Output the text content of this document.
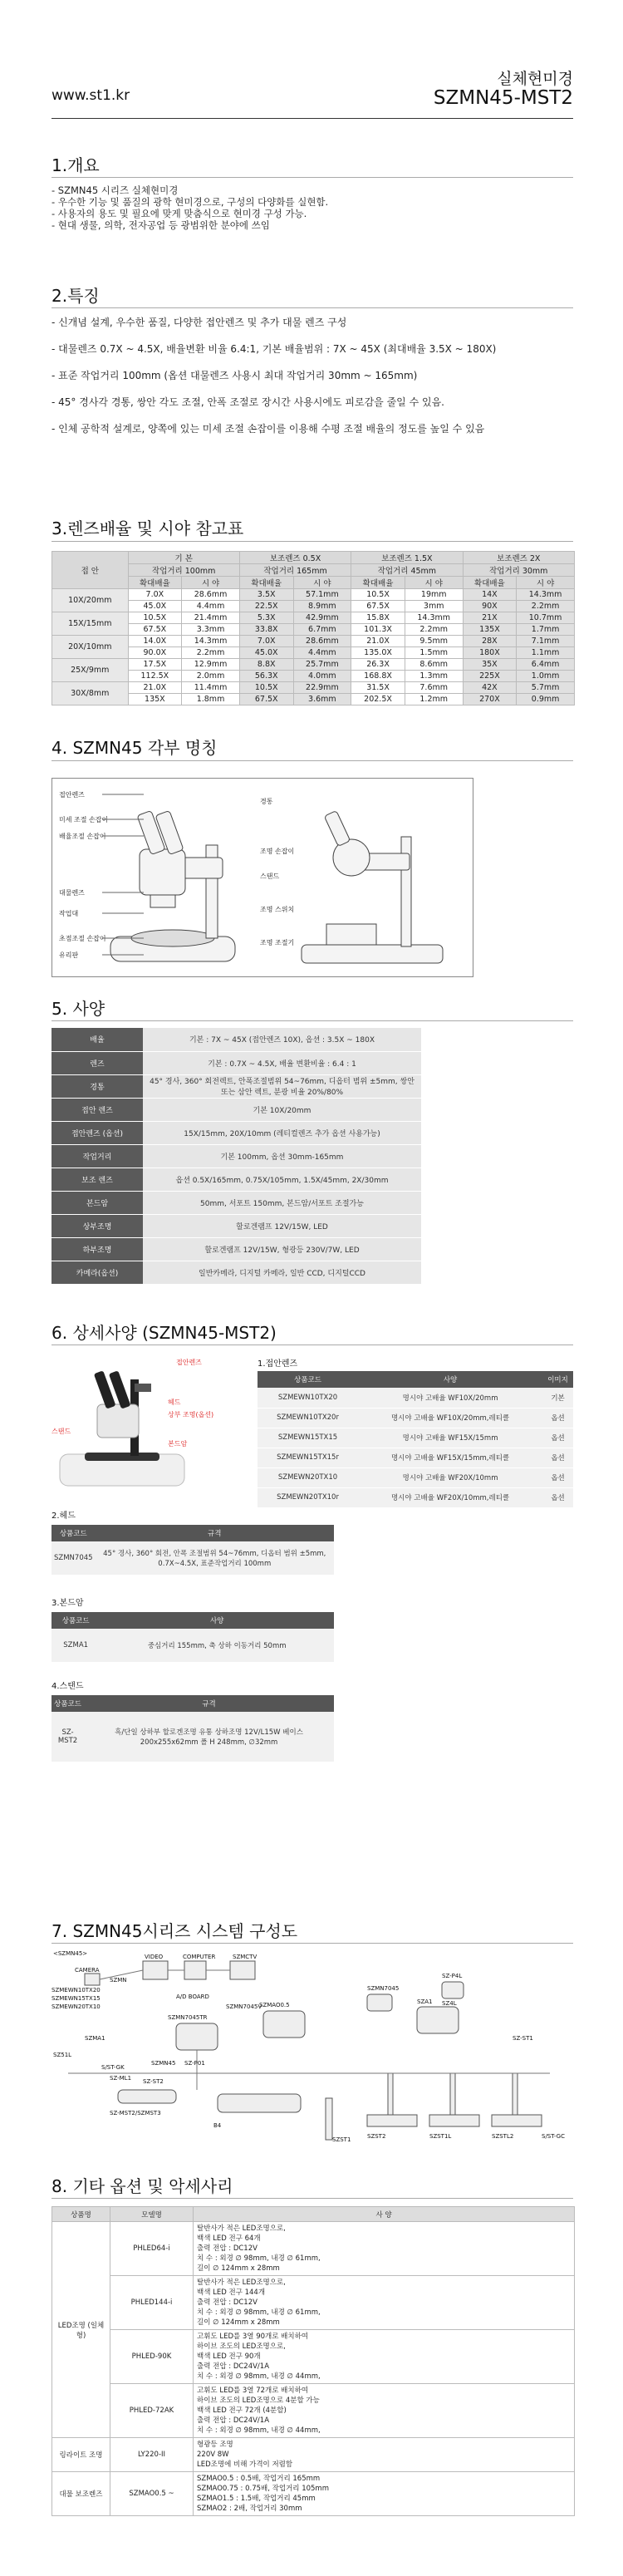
www.st1.kr
실체현미경
SZMN45-MST2
1.개요
- SZMN45 시리즈 실체현미경
- 우수한 기능 및 품질의 광학 현미경으로, 구성의 다양화를 실현함.
- 사용자의 용도 및 필요에 맞게 맞춤식으로 현미경 구성 가능.
- 현대 생물, 의학, 전자공업 등 광범위한 분야에 쓰임
2.특징
- 신개념 설계, 우수한 품질, 다양한 접안렌즈 및 추가 대물 렌즈 구성
- 대물렌즈 0.7X ~ 4.5X, 배율변환 비율 6.4:1, 기본 배율범위 : 7X ~ 45X (최대배율 3.5X ~ 180X)
- 표준 작업거리 100mm (옵션 대물렌즈 사용시 최대 작업거리 30mm ~ 165mm)
- 45° 경사각 경통, 쌍안 각도 조절, 안폭 조절로 장시간 사용시에도 피로감을 줄일 수 있음.
- 인체 공학적 설계로, 양쪽에 있는 미세 조절 손잡이를 이용해 수평 조절 배율의 정도를 높일 수 있음
3.렌즈배율 및 시야 참고표
접 안	기 본		보조렌즈 0.5X		보조렌즈 1.5X		보조렌즈 2X	
	작업거리 100mm		작업거리 165mm		작업거리 45mm		작업거리 30mm	
	확대배율	시 야	확대배율	시 야	확대배율	시 야	확대배율	시 야
10X/20mm	7.0X	28.6mm	3.5X	57.1mm	10.5X	19mm	14X	14.3mm
	45.0X	4.4mm	22.5X	8.9mm	67.5X	3mm	90X	2.2mm
15X/15mm	10.5X	21.4mm	5.3X	42.9mm	15.8X	14.3mm	21X	10.7mm
	67.5X	3.3mm	33.8X	6.7mm	101.3X	2.2mm	135X	1.7mm
20X/10mm	14.0X	14.3mm	7.0X	28.6mm	21.0X	9.5mm	28X	7.1mm
	90.0X	2.2mm	45.0X	4.4mm	135.0X	1.5mm	180X	1.1mm
25X/9mm	17.5X	12.9mm	8.8X	25.7mm	26.3X	8.6mm	35X	6.4mm
	112.5X	2.0mm	56.3X	4.0mm	168.8X	1.3mm	225X	1.0mm
30X/8mm	21.0X	11.4mm	10.5X	22.9mm	31.5X	7.6mm	42X	5.7mm
	135X	1.8mm	67.5X	3.6mm	202.5X	1.2mm	270X	0.9mm
4. SZMN45 각부 명칭
접안렌즈
미세 조절 손잡이
배율조절 손잡이
대물렌즈
작업대
초점조절 손잡이
유리판
경통
조명 손잡이
스탠드
조명 스위치
조명 조절기
5. 사양
배율	기본 : 7X ~ 45X (접안렌즈 10X), 옵션 : 3.5X ~ 180X
렌즈	기본 : 0.7X ~ 4.5X, 배율 변환비율 : 6.4 : 1
경통	45° 경사, 360° 회전렉트, 안폭조절범위 54~76mm, 디옵터 범위 ±5mm, 쌍안 또는 삼안 렉트, 분광 비율 20%/80%
접안 렌즈	기본 10X/20mm
접안렌즈 (옵션)	15X/15mm, 20X/10mm (레티컬렌즈 추가 옵션 사용가능)
작업거리	기본 100mm, 옵션 30mm-165mm
보조 렌즈	옵션 0.5X/165mm, 0.75X/105mm, 1.5X/45mm, 2X/30mm
본드암	50mm, 서포트 150mm, 본드암/서포트 조절가능
상부조명	할로겐램프 12V/15W, LED
하부조명	할로겐램프 12V/15W, 형광등 230V/7W, LED
카메라(옵션)	일반카메라, 디지털 카메라, 일반 CCD, 디지털CCD
6. 상세사양 (SZMN45-MST2)
접안렌즈
헤드
상부 조명(옵션)
스탠드
본드암
1.접안렌즈
상품코드	사양	이미지
SZMEWN10TX20	명시야 고배율 WF10X/20mm	기본
SZMEWN10TX20r	명시야 고배율 WF10X/20mm,레티클	옵션
SZMEWN15TX15	명시야 고배율 WF15X/15mm	옵션
SZMEWN15TX15r	명시야 고배율 WF15X/15mm,레티클	옵션
SZMEWN20TX10	명시야 고배율 WF20X/10mm	옵션
SZMEWN20TX10r	명시야 고배율 WF20X/10mm,레티클	옵션
2.헤드
상품코드	규격
SZMN7045	45° 경사, 360° 회전, 안폭 조절범위 54~76mm, 디옵터 범위 ±5mm, 0.7X~4.5X, 표준작업거리 100mm
3.본드암
상품코드	사양
SZMA1	중심거리 155mm, 축 상하 이동거리 50mm
4.스탠드
상품코드	규격
SZ-MST2	흑/단일 상하부 할로겐조명 유통 상하조명 12V/L15W 베이스 200x255x62mm 폴 H 248mm, ∅32mm
7. SZMN45시리즈 시스템 구성도
<SZMN45>
CAMERA
SZMEWN10TX20
SZMEWN15TX15
SZMEWN20TX10
SZMN
VIDEO	COMPUTER	SZMCTV
A/D BOARD
SZMN7045TR
SZMN45
SZMN7045V
SZMAO0.5
SZMA1
SZ-P01
SZ-P4L
SZ4L
SZ51L
SZMN7045
SZA1
SZ-ST1
SZ-MST2/SZMST3
B4
SZST1	SZST2	SZST1L	SZSTL2	S/ST-GC
S/ST-GK
SZ-ML1 SZ-ST2
8. 기타 옵션 및 악세사리
상품명	모델명	사 양
LED조명 (일체형)	PHLED64-i	탈반사가 적은 LED조명으로,
백색 LED 전구 64개
출력 전압 : DC12V
치 수 : 외경 ∅ 98mm, 내경 ∅ 61mm,
길이 ∅ 124mm x 28mm

	PHLED144-i	탈반사가 적은 LED조명으로,
백색 LED 전구 144개
출력 전압 : DC12V
치 수 : 외경 ∅ 98mm, 내경 ∅ 61mm,
길이 ∅ 124mm x 28mm

	PHLED-90K	고휘도 LED를 3열 90개로 배치하여
하이브 조도의 LED조명으로,
백색 LED 전구 90개
출력 전압 : DC24V/1A
치 수 : 외경 ∅ 98mm, 내경 ∅ 44mm,

	PHLED-72AK	고휘도 LED를 3열 72개로 배치하여
하이브 조도의 LED조명으로 4분할 가능
백색 LED 전구 72개 (4분할)
출력 전압 : DC24V/1A
치 수 : 외경 ∅ 98mm, 내경 ∅ 44mm,

링라이트 조명	LY220-II	형광등 조명
220V 8W
LED조명에 비해 가격이 저렴함

대물 보조렌즈	SZMAO0.5 ~	SZMAO0.5 : 0.5배, 작업거리 165mm
SZMAO0.75 : 0.75배, 작업거리 105mm
SZMAO1.5 : 1.5배, 작업거리 45mm
SZMAO2 : 2배, 작업거리 30mm
